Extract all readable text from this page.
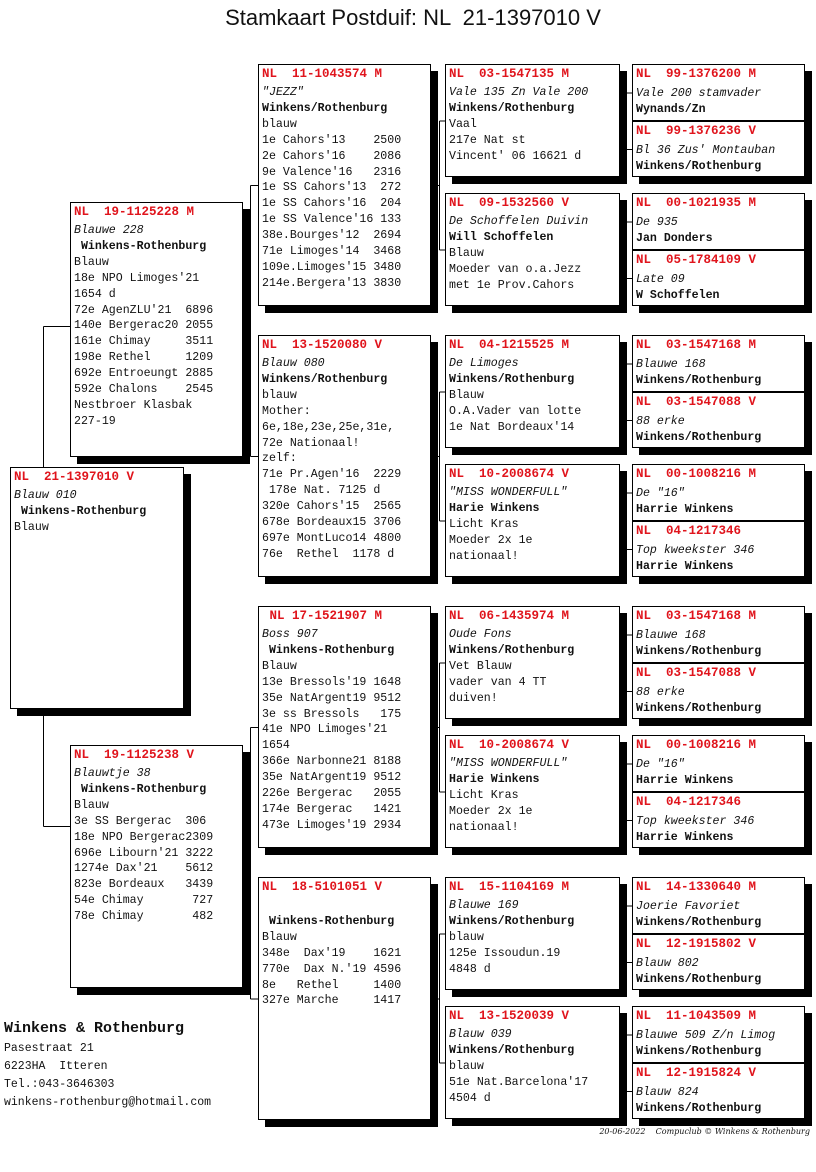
Stamkaart Postduif: NL  21-1397010 V
NL  21-1397010 V
Blauw 010
Winkens-Rothenburg
Blauw
NL  19-1125228 M
Blauwe 228
Winkens-Rothenburg
Blauw
18e NPO Limoges'21
1654 d
72e AgenZLU'21  6896
140e Bergerac20 2055
161e Chimay     3511
198e Rethel     1209
692e Entroeungt 2885
592e Chalons    2545
Nestbroer Klasbak
227-19
NL  19-1125238 V
Blauwtje 38
Winkens-Rothenburg
Blauw
3e SS Bergerac  306
18e NPO Bergerac2309
696e Libourn'21 3222
1274e Dax'21    5612
823e Bordeaux   3439
54e Chimay       727
78e Chimay       482
NL  11-1043574 M
"JEZZ"
Winkens/Rothenburg
blauw
1e Cahors'13    2500
2e Cahors'16    2086
9e Valence'16   2316
1e SS Cahors'13  272
1e SS Cahors'16  204
1e SS Valence'16 133
38e.Bourges'12  2694
71e Limoges'14  3468
109e.Limoges'15 3480
214e.Bergera'13 3830
NL  13-1520080 V
Blauw 080
Winkens/Rothenburg
blauw
Mother:
6e,18e,23e,25e,31e,
72e Nationaal!
zelf:
71e Pr.Agen'16  2229
178e Nat. 7125 d
320e Cahors'15  2565
678e Bordeaux15 3706
697e MontLuco14 4800
76e  Rethel  1178 d
NL 17-1521907 M
Boss 907
Winkens-Rothenburg
Blauw
13e Bressols'19 1648
35e NatArgent19 9512
3e ss Bressols   175
41e NPO Limoges'21
1654
366e Narbonne21 8188
35e NatArgent19 9512
226e Bergerac   2055
174e Bergerac   1421
473e Limoges'19 2934
NL  18-5101051 V

Winkens-Rothenburg
Blauw
348e  Dax'19    1621
770e  Dax N.'19 4596
8e   Rethel     1400
327e Marche     1417
NL  03-1547135 M
Vale 135 Zn Vale 200
Winkens/Rothenburg
Vaal
217e Nat st
Vincent' 06 16621 d
NL  09-1532560 V
De Schoffelen Duivin
Will Schoffelen
Blauw
Moeder van o.a.Jezz
met 1e Prov.Cahors
NL  04-1215525 M
De Limoges
Winkens/Rothenburg
Blauw
O.A.Vader van lotte
1e Nat Bordeaux'14
NL  10-2008674 V
"MISS WONDERFULL"
Harie Winkens
Licht Kras
Moeder 2x 1e
nationaal!
NL  06-1435974 M
Oude Fons
Winkens/Rothenburg
Vet Blauw
vader van 4 TT
duiven!
NL  10-2008674 V
"MISS WONDERFULL"
Harie Winkens
Licht Kras
Moeder 2x 1e
nationaal!
NL  15-1104169 M
Blauwe 169
Winkens/Rothenburg
blauw
125e Issoudun.19
4848 d
NL  13-1520039 V
Blauw 039
Winkens/Rothenburg
blauw
51e Nat.Barcelona'17
4504 d
NL  99-1376200 M
Vale 200 stamvader
Wynands/Zn
NL  99-1376236 V
Bl 36 Zus' Montauban
Winkens/Rothenburg
NL  00-1021935 M
De 935
Jan Donders
NL  05-1784109 V
Late 09
W Schoffelen
NL  03-1547168 M
Blauwe 168
Winkens/Rothenburg
NL  03-1547088 V
88 erke
Winkens/Rothenburg
NL  00-1008216 M
De "16"
Harrie Winkens
NL  04-1217346
Top kweekster 346
Harrie Winkens
NL  03-1547168 M
Blauwe 168
Winkens/Rothenburg
NL  03-1547088 V
88 erke
Winkens/Rothenburg
NL  00-1008216 M
De "16"
Harrie Winkens
NL  04-1217346
Top kweekster 346
Harrie Winkens
NL  14-1330640 M
Joerie Favoriet
Winkens/Rothenburg
NL  12-1915802 V
Blauw 802
Winkens/Rothenburg
NL  11-1043509 M
Blauwe 509 Z/n Limog
Winkens/Rothenburg
NL  12-1915824 V
Blauw 824
Winkens/Rothenburg
Winkens & Rothenburg
Pasestraat 21
6223HA  Itteren
Tel.:043-3646303
winkens-rothenburg@hotmail.com
20-06-2022    Compuclub © Winkens & Rothenburg
